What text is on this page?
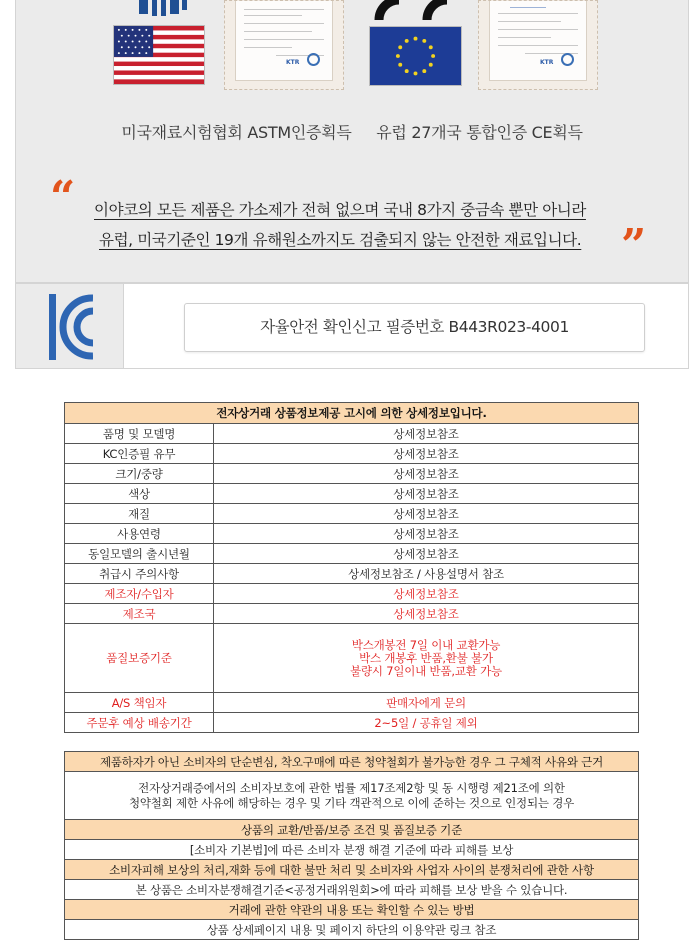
KTR	KTR
미국재료시험협회 ASTM인증획득 유럽 27개국 통합인증 CE획득
“ 이야코의 모든 제품은 가소제가 전혀 없으며 국내 8가지 중금속 뿐만 아니라
유럽, 미국기준인 19개 유해원소까지도 검출되지 않는 안전한 재료입니다. ”
자율안전 확인신고 필증번호 B443R023-4001
전자상거래 상품정보제공 고시에 의한 상세정보입니다.	
품명 및 모델명	상세정보참조
KC인증필 유무	상세정보참조
크기/중량	상세정보참조
색상	상세정보참조
재질	상세정보참조
사용연령	상세정보참조
동일모델의 출시년월	상세정보참조
취급시 주의사항	상세정보참조 / 사용설명서 참조
제조자/수입자	상세정보참조
제조국	상세정보참조
품질보증기준	박스개봉전 7일 이내 교환가능
박스 개봉후 반품,환불 불가
불량시 7일이내 반품,교환 가능

A/S 책임자	판매자에게 문의
주문후 예상 배송기간	2~5일 / 공휴일 제외
제품하자가 아닌 소비자의 단순변심, 착오구매에 따른 청약철회가 불가능한 경우 그 구체적 사유와 근거

전자상거래증에서의 소비자보호에 관한 법률 제17조제2항 및 동 시행령 제21조에 의한
청약철회 제한 사유에 해당하는 경우 및 기타 객관적으로 이에 준하는 것으로 인정되는 경우

상품의 교환/반품/보증 조건 및 품질보증 기준
[소비자 기본법]에 따른 소비자 분쟁 해결 기준에 따라 피해를 보상
소비자피해 보상의 처리,재화 등에 대한 불만 처리 및 소비자와 사업자 사이의 분쟁처리에 관한 사항
본 상품은 소비자분쟁해결기준<공정거래위원회>에 따라 피해를 보상 받을 수 있습니다.
거래에 관한 약관의 내용 또는 확인할 수 있는 방법
상품 상세페이지 내용 및 페이지 하단의 이용약관 링크 참조
